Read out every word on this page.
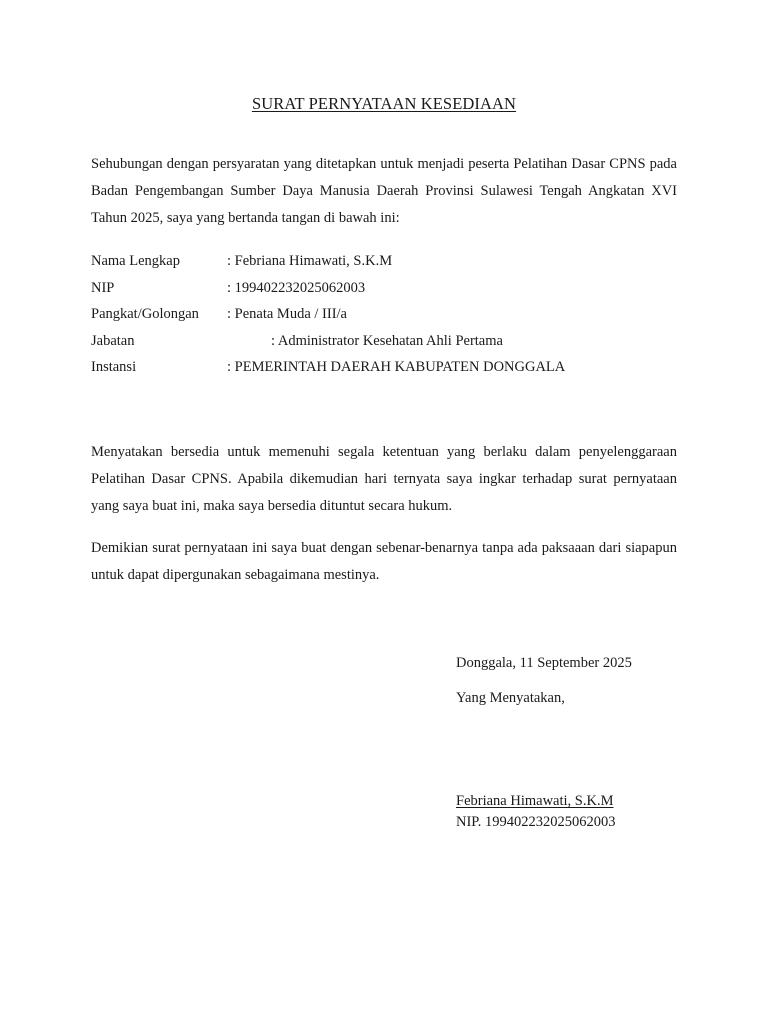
SURAT PERNYATAAN KESEDIAAN

Sehubungan dengan persyaratan yang ditetapkan untuk menjadi peserta Pelatihan Dasar CPNS pada Badan Pengembangan Sumber Daya Manusia Daerah Provinsi Sulawesi Tengah Angkatan XVI Tahun 2025, saya yang bertanda tangan di bawah ini:

Nama Lengkap	: Febriana Himawati, S.K.M
NIP	: 199402232025062003
Pangkat/Golongan : Penata Muda / III/a
Jabatan	: Administrator Kesehatan Ahli Pertama
Instansi	: PEMERINTAH DAERAH KABUPATEN DONGGALA

Menyatakan bersedia untuk memenuhi segala ketentuan yang berlaku dalam penyelenggaraan Pelatihan Dasar CPNS. Apabila dikemudian hari ternyata saya ingkar terhadap surat pernyataan yang saya buat ini, maka saya bersedia dituntut secara hukum.

Demikian surat pernyataan ini saya buat dengan sebenar-benarnya tanpa ada paksaaan dari siapapun untuk dapat dipergunakan sebagaimana mestinya.

Donggala, 11 September 2025
Yang Menyatakan,
Febriana Himawati, S.K.M
NIP. 199402232025062003
